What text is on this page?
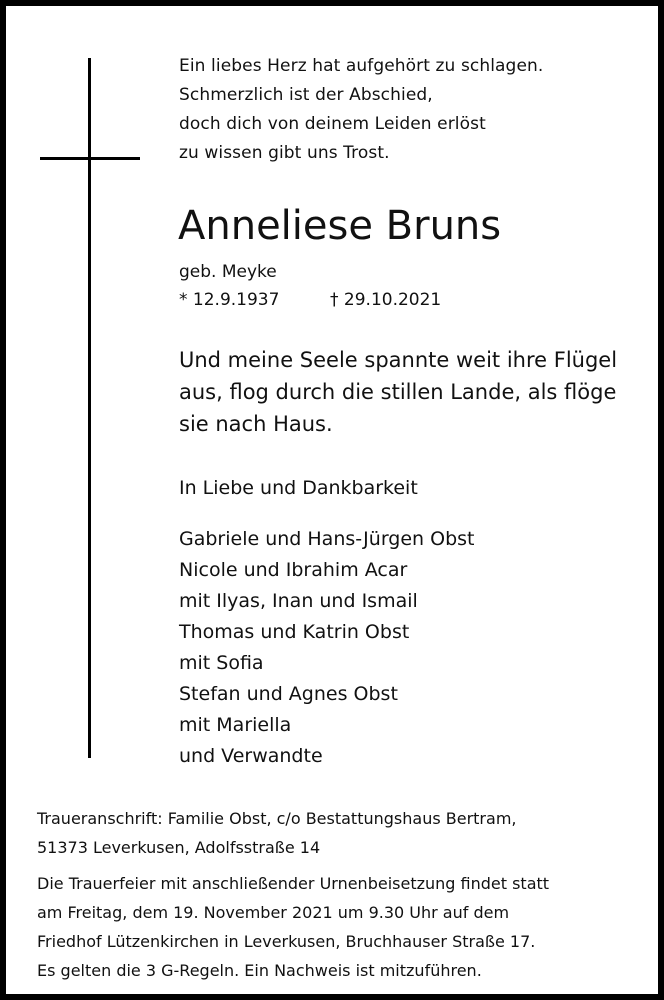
Ein liebes Herz hat aufgehört zu schlagen.
Schmerzlich ist der Abschied,
doch dich von deinem Leiden erlöst
zu wissen gibt uns Trost.
Anneliese Bruns
geb. Meyke
* 12.9.1937	† 29.10.2021
Und meine Seele spannte weit ihre Flügel
aus, flog durch die stillen Lande, als flöge
sie nach Haus.
In Liebe und Dankbarkeit
Gabriele und Hans-Jürgen Obst
Nicole und Ibrahim Acar
mit Ilyas, Inan und Ismail
Thomas und Katrin Obst
mit Sofia
Stefan und Agnes Obst
mit Mariella
und Verwandte
Traueranschrift: Familie Obst, c/o Bestattungshaus Bertram,
51373 Leverkusen, Adolfsstraße 14
Die Trauerfeier mit anschließender Urnenbeisetzung findet statt
am Freitag, dem 19. November 2021 um 9.30 Uhr auf dem
Friedhof Lützenkirchen in Leverkusen, Bruchhauser Straße 17.
Es gelten die 3 G-Regeln. Ein Nachweis ist mitzuführen.
